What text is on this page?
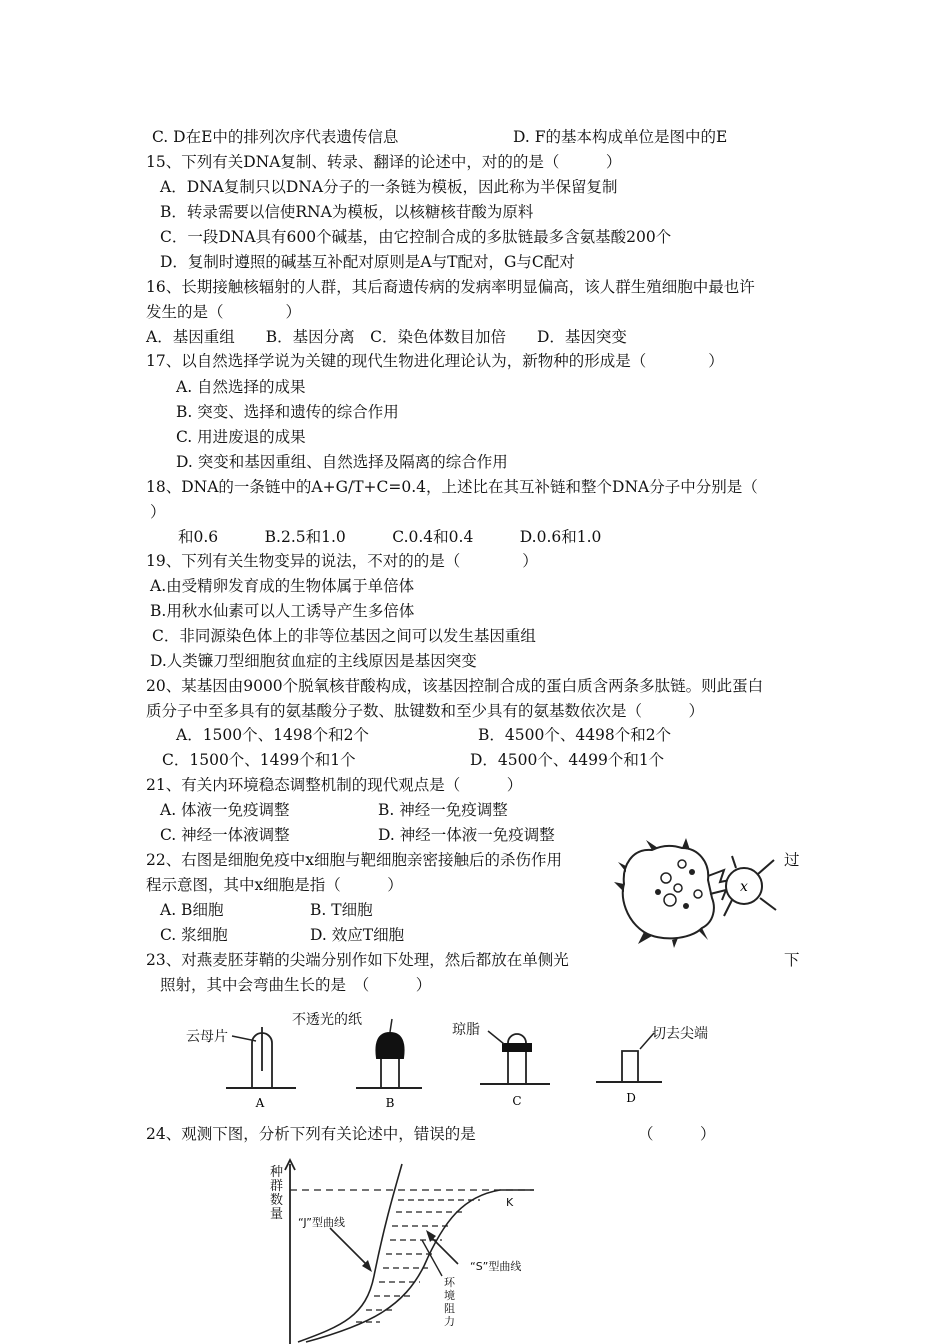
C. D在E中的排列次序代表遗传信息	D. F的基本构成单位是图中的E
15、下列有关DNA复制、转录、翻译的论述中，对的的是（　　　）
A．DNA复制只以DNA分子的一条链为模板，因此称为半保留复制
B．转录需要以信使RNA为模板，以核糖核苷酸为原料
C．一段DNA具有600个碱基，由它控制合成的多肽链最多含氨基酸200个
D．复制时遵照的碱基互补配对原则是A与T配对，G与C配对
16、长期接触核辐射的人群，其后裔遗传病的发病率明显偏高，该人群生殖细胞中最也许
发生的是（　　　　）
A．基因重组　　B．基因分离　C．染色体数目加倍　　D．基因突变
17、以自然选择学说为关键的现代生物进化理论认为，新物种的形成是（　　　　）
A. 自然选择的成果
B. 突变、选择和遗传的综合作用
C. 用进废退的成果
D. 突变和基因重组、自然选择及隔离的综合作用
18、DNA的一条链中的A+G/T+C=0.4，上述比在其互补链和整个DNA分子中分别是（
）
和0.6　　　B.2.5和1.0　　　C.0.4和0.4　　　D.0.6和1.0
19、下列有关生物变异的说法，不对的的是（　　　　）
A.由受精卵发育成的生物体属于单倍体
B.用秋水仙素可以人工诱导产生多倍体
C．非同源染色体上的非等位基因之间可以发生基因重组
D.人类镰刀型细胞贫血症的主线原因是基因突变
20、某基因由9000个脱氧核苷酸构成，该基因控制合成的蛋白质含两条多肽链。则此蛋白
质分子中至多具有的氨基酸分子数、肽键数和至少具有的氨基数依次是（　　　）
A．1500个、1498个和2个	B．4500个、4498个和2个
C．1500个、1499个和1个	D．4500个、4499个和1个
21、有关内环境稳态调整机制的现代观点是（　　　）
A. 体液一免疫调整	B. 神经一免疫调整
C. 神经一体液调整	D. 神经一体液一免疫调整
22、右图是细胞免疫中x细胞与靶细胞亲密接触后的杀伤作用	过
程示意图，其中x细胞是指（　　　）
A. B细胞	B. T细胞
C. 浆细胞	D. 效应T细胞
x
23、对燕麦胚芽鞘的尖端分别作如下处理，然后都放在单侧光	下
照射，其中会弯曲生长的是　（　　　）
A	B	C	D
云母片
不透光的纸
琼脂	切去尖端
24、观测下图，分析下列有关论述中，错误的是	（　　　）
种
群
数
量
“J”型曲线
“S”型曲线
K
环
境
阻
力
